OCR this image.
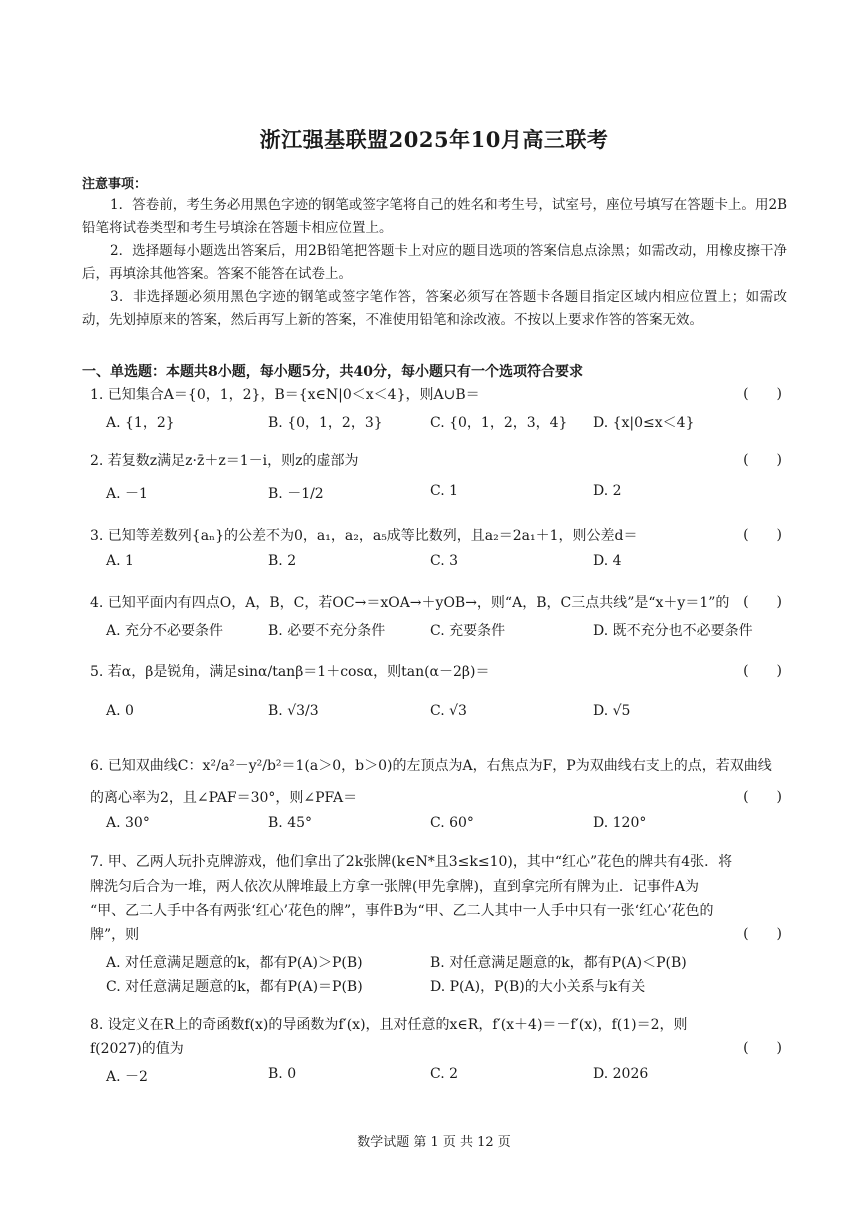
浙江强基联盟2025年10月高三联考
注意事项：
1．答卷前，考生务必用黑色字迹的钢笔或签字笔将自己的姓名和考生号，试室号，座位号填写在答题卡上。用2B铅笔将试卷类型和考生号填涂在答题卡相应位置上。
2．选择题每小题选出答案后，用2B铅笔把答题卡上对应的题目选项的答案信息点涂黑；如需改动，用橡皮擦干净后，再填涂其他答案。答案不能答在试卷上。
3．非选择题必须用黑色字迹的钢笔或签字笔作答，答案必须写在答题卡各题目指定区域内相应位置上；如需改动，先划掉原来的答案，然后再写上新的答案，不准使用铅笔和涂改液。不按以上要求作答的答案无效。
一、单选题：本题共8小题，每小题5分，共40分，每小题只有一个选项符合要求
1. 已知集合A＝{0，1，2}，B＝{x∈N|0＜x＜4}，则A∪B＝	(　　)
A. {1，2}	B. {0，1，2，3}	C. {0，1，2，3，4} D. {x|0≤x＜4}
2. 若复数z满足z·z̄＋z＝1－i，则z的虚部为	(　　)
A. －1	B. －1/2	C. 1	D. 2
3. 已知等差数列{aₙ}的公差不为0，a₁，a₂，a₅成等比数列，且a₂＝2a₁＋1，则公差d＝	(　　)
A. 1	B. 2	C. 3	D. 4
4. 已知平面内有四点O，A，B，C，若OC→＝xOA→＋yOB→，则“A，B，C三点共线”是“x＋y＝1”的 (　　)
A. 充分不必要条件	B. 必要不充分条件	C. 充要条件	D. 既不充分也不必要条件
5. 若α，β是锐角，满足sinα/tanβ＝1＋cosα，则tan(α－2β)＝	(　　)
A. 0	B. √3/3	C. √3	D. √5
6. 已知双曲线C：x²/a²－y²/b²＝1(a＞0，b＞0)的左顶点为A，右焦点为F，P为双曲线右支上的点，若双曲线
的离心率为2，且∠PAF＝30°，则∠PFA＝	(　　)
A. 30°	B. 45°	C. 60°	D. 120°
7. 甲、乙两人玩扑克牌游戏，他们拿出了2k张牌(k∈N*且3≤k≤10)，其中“红心”花色的牌共有4张．将
牌洗匀后合为一堆，两人依次从牌堆最上方拿一张牌(甲先拿牌)，直到拿完所有牌为止．记事件A为
“甲、乙二人手中各有两张‘红心’花色的牌”，事件B为“甲、乙二人其中一人手中只有一张‘红心’花色的
牌”，则	(　　)
A. 对任意满足题意的k，都有P(A)＞P(B)	B. 对任意满足题意的k，都有P(A)＜P(B)
C. 对任意满足题意的k，都有P(A)＝P(B)	D. P(A)，P(B)的大小关系与k有关
8. 设定义在R上的奇函数f(x)的导函数为f′(x)，且对任意的x∈R，f′(x＋4)＝－f′(x)，f(1)＝2，则
f(2027)的值为	(　　)
A. －2	B. 0	C. 2	D. 2026
数学试题 第 1 页 共 12 页
